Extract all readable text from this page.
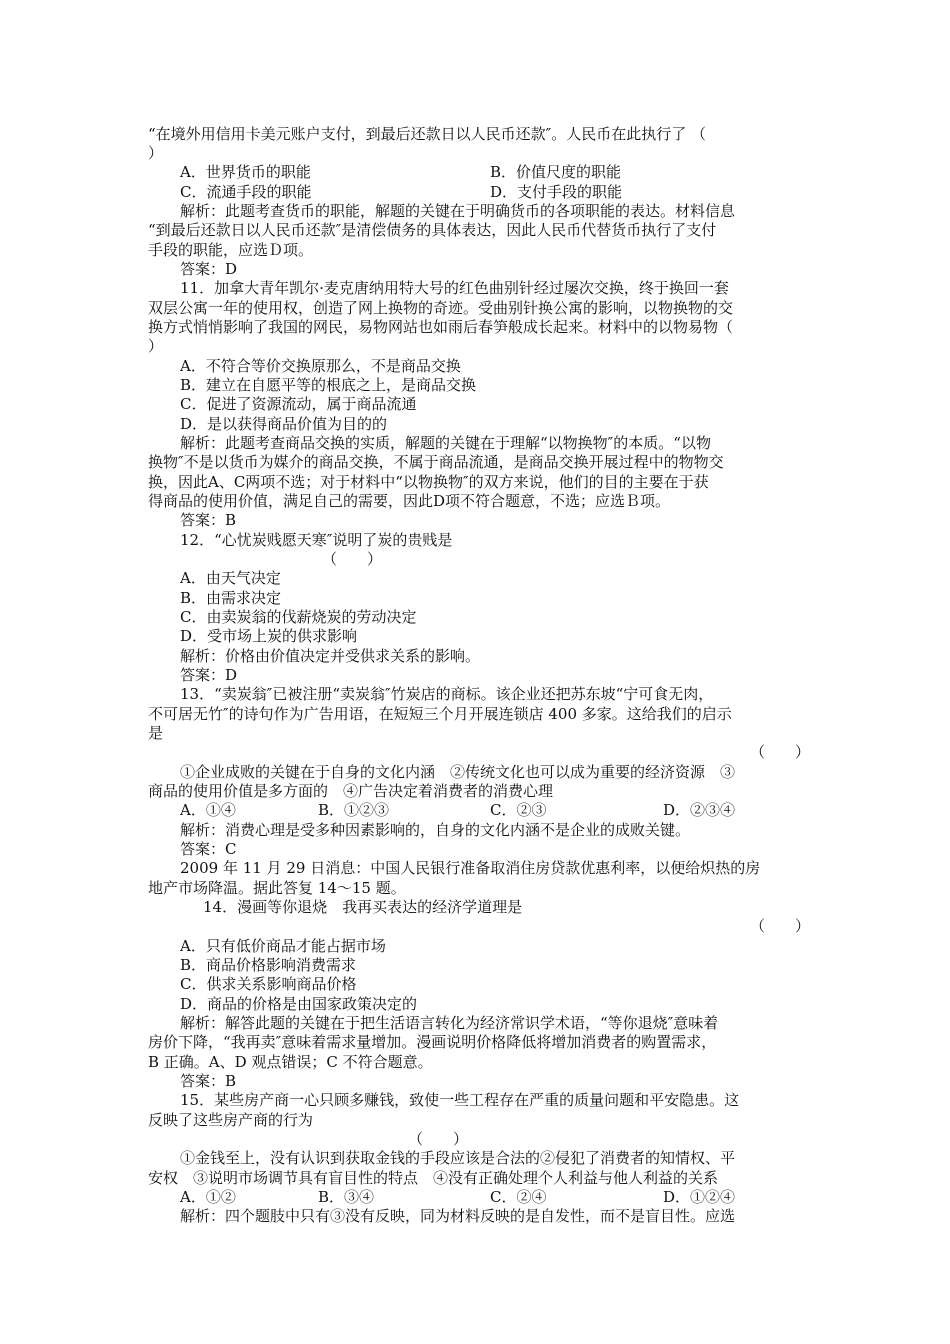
“在境外用信用卡美元账户支付，到最后还款日以人民币还款″。人民币在此执行了 （
）
A．世界货币的职能	B．价值尺度的职能
C．流通手段的职能	D．支付手段的职能
解析：此题考查货币的职能，解题的关键在于明确货币的各项职能的表达。材料信息
“到最后还款日以人民币还款″是清偿债务的具体表达，因此人民币代替货币执行了支付
手段的职能，应选Ｄ项。
答案：D
11．加拿大青年凯尔·麦克唐纳用特大号的红色曲别针经过屡次交换，终于换回一套
双层公寓一年的使用权，创造了网上换物的奇迹。受曲别针换公寓的影响，以物换物的交
换方式悄悄影响了我国的网民，易物网站也如雨后春笋般成长起来。材料中的以物易物（
）
A．不符合等价交换原那么，不是商品交换
B．建立在自愿平等的根底之上，是商品交换
C．促进了资源流动，属于商品流通
D．是以获得商品价值为目的的
解析：此题考查商品交换的实质，解题的关键在于理解“以物换物″的本质。“以物
换物″不是以货币为媒介的商品交换，不属于商品流通，是商品交换开展过程中的物物交
换，因此A、C两项不选；对于材料中“以物换物″的双方来说，他们的目的主要在于获
得商品的使用价值，满足自己的需要，因此D项不符合题意，不选；应选Ｂ项。
答案：B
12．“心忧炭贱愿天寒″说明了炭的贵贱是
（　　）
A．由天气决定
B．由需求决定
C．由卖炭翁的伐薪烧炭的劳动决定
D．受市场上炭的供求影响
解析：价格由价值决定并受供求关系的影响。
答案：D
13．“卖炭翁″已被注册“卖炭翁″竹炭店的商标。该企业还把苏东坡“宁可食无肉，
不可居无竹″的诗句作为广告用语，在短短三个月开展连锁店 400 多家。这给我们的启示
是
（　　）
①企业成败的关键在于自身的文化内涵　②传统文化也可以成为重要的经济资源　③
商品的使用价值是多方面的　④广告决定着消费者的消费心理
A．①④	B．①②③	C．②③	D．②③④
解析：消费心理是受多种因素影响的，自身的文化内涵不是企业的成败关键。
答案：C
2009 年 11 月 29 日消息：中国人民银行准备取消住房贷款优惠利率，以便给炽热的房
地产市场降温。据此答复 14～15 题。
14．漫画等你退烧　我再买表达的经济学道理是
（　　）
A．只有低价商品才能占据市场
B．商品价格影响消费需求
C．供求关系影响商品价格
D．商品的价格是由国家政策决定的
解析：解答此题的关键在于把生活语言转化为经济常识学术语，“等你退烧″意味着
房价下降，“我再卖″意味着需求量增加。漫画说明价格降低将增加消费者的购置需求，
B 正确。A、D 观点错误；C 不符合题意。
答案：B
15．某些房产商一心只顾多赚钱，致使一些工程存在严重的质量问题和平安隐患。这
反映了这些房产商的行为
（　　）
①金钱至上，没有认识到获取金钱的手段应该是合法的②侵犯了消费者的知情权、平
安权　③说明市场调节具有盲目性的特点　④没有正确处理个人利益与他人利益的关系
A．①②	B．③④	C．②④	D．①②④
解析：四个题肢中只有③没有反映，同为材料反映的是自发性，而不是盲目性。应选
